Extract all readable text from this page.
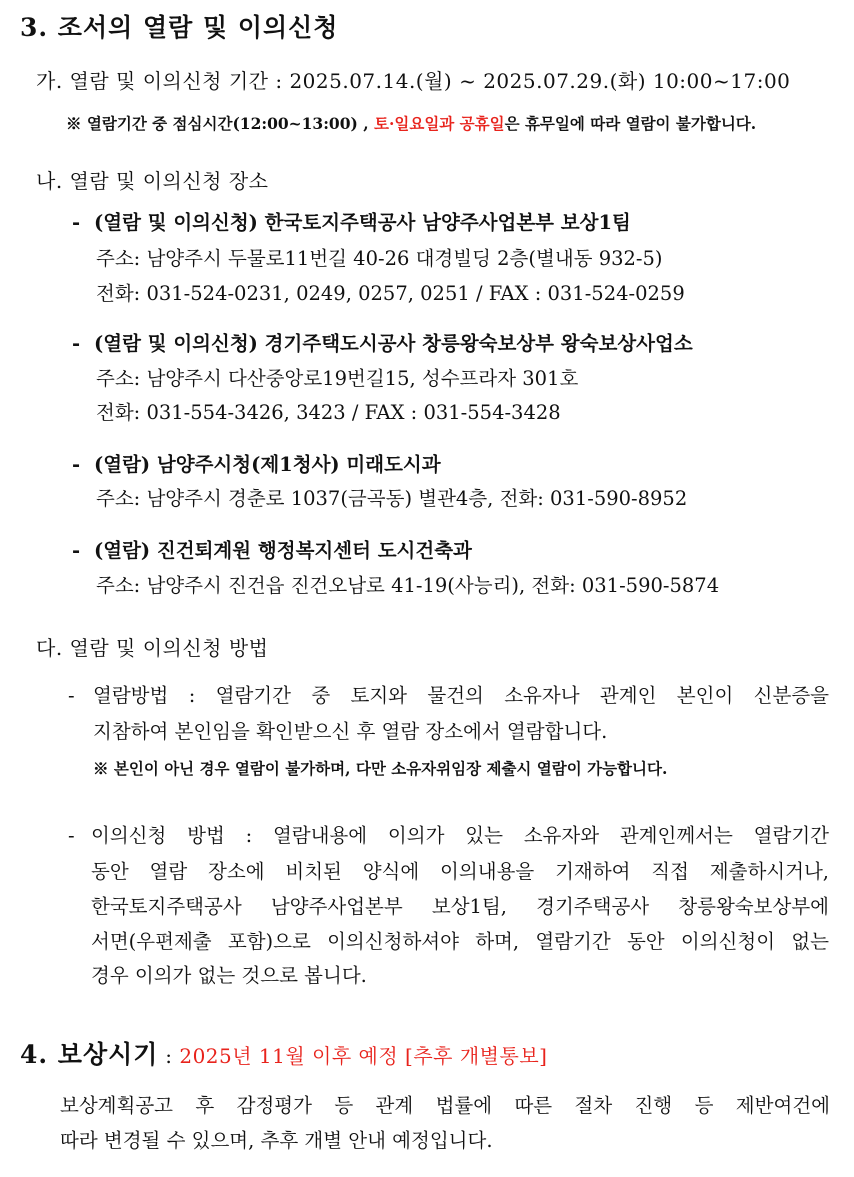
3. 조서의 열람 및 이의신청
가. 열람 및 이의신청 기간 : 2025.07.14.(월) ~ 2025.07.29.(화) 10:00~17:00
※ 열람기간 중 점심시간(12:00~13:00) , 토·일요일과 공휴일은 휴무일에 따라 열람이 불가합니다.
나. 열람 및 이의신청 장소
- (열람 및 이의신청) 한국토지주택공사 남양주사업본부 보상1팀
주소: 남양주시 두물로11번길 40-26 대경빌딩 2층(별내동 932-5)
전화: 031-524-0231, 0249, 0257, 0251 / FAX : 031-524-0259
- (열람 및 이의신청) 경기주택도시공사 창릉왕숙보상부 왕숙보상사업소
주소: 남양주시 다산중앙로19번길15, 성수프라자 301호
전화: 031-554-3426, 3423 / FAX : 031-554-3428
- (열람) 남양주시청(제1청사) 미래도시과
주소: 남양주시 경춘로 1037(금곡동) 별관4층, 전화: 031-590-8952
- (열람) 진건퇴계원 행정복지센터 도시건축과
주소: 남양주시 진건읍 진건오남로 41-19(사능리), 전화: 031-590-5874
다. 열람 및 이의신청 방법
- 열람방법 : 열람기간 중 토지와 물건의 소유자나 관계인 본인이 신분증을
지참하여 본인임을 확인받으신 후 열람 장소에서 열람합니다.
※ 본인이 아닌 경우 열람이 불가하며, 다만 소유자위임장 제출시 열람이 가능합니다.
- 이의신청 방법 : 열람내용에 이의가 있는 소유자와 관계인께서는 열람기간
동안 열람 장소에 비치된 양식에 이의내용을 기재하여 직접 제출하시거나,
한국토지주택공사 남양주사업본부 보상1팀, 경기주택공사 창릉왕숙보상부에
서면(우편제출 포함)으로 이의신청하셔야 하며, 열람기간 동안 이의신청이 없는
경우 이의가 없는 것으로 봅니다.
4. 보상시기 : 2025년 11월 이후 예정 [추후 개별통보]
보상계획공고 후 감정평가 등 관계 법률에 따른 절차 진행 등 제반여건에
따라 변경될 수 있으며, 추후 개별 안내 예정입니다.
